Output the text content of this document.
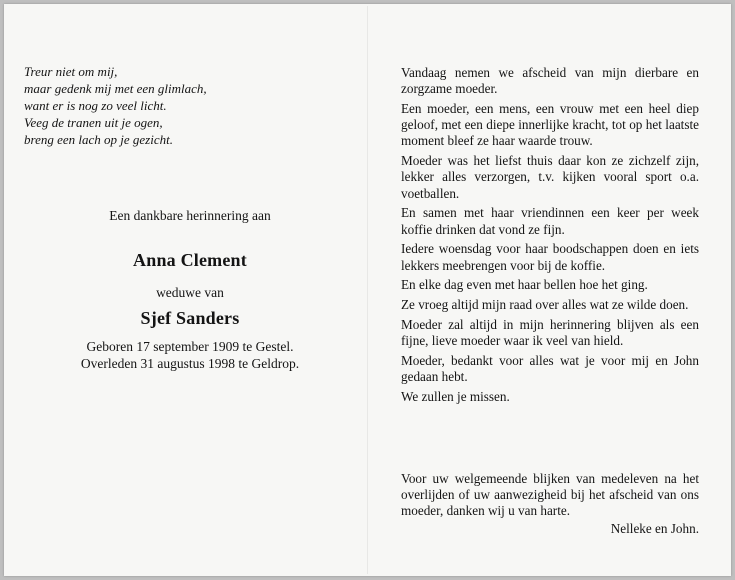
Treur niet om mij,
maar gedenk mij met een glimlach,
want er is nog zo veel licht.
Veeg de tranen uit je ogen,
breng een lach op je gezicht.
Een dankbare herinnering aan
Anna Clement
weduwe van
Sjef Sanders
Geboren 17 september 1909 te Gestel.
Overleden 31 augustus 1998 te Geldrop.

Vandaag nemen we afscheid van mijn dierbare en zorgzame moeder.

Een moeder, een mens, een vrouw met een heel diep geloof, met een diepe innerlijke kracht, tot op het laatste moment bleef ze haar waarde trouw.

Moeder was het liefst thuis daar kon ze zichzelf zijn, lekker alles verzorgen, t.v. kijken vooral sport o.a. voetballen.

En samen met haar vriendinnen een keer per week koffie drinken dat vond ze fijn.

Iedere woensdag voor haar boodschappen doen en iets lekkers meebrengen voor bij de koffie.

En elke dag even met haar bellen hoe het ging.

Ze vroeg altijd mijn raad over alles wat ze wilde doen.

Moeder zal altijd in mijn herinnering blijven als een fijne, lieve moeder waar ik veel van hield.

Moeder, bedankt voor alles wat je voor mij en John gedaan hebt.

We zullen je missen.

Voor uw welgemeende blijken van medeleven na het overlijden of uw aanwezigheid bij het afscheid van ons moeder, danken wij u van harte.
Nelleke en John.
